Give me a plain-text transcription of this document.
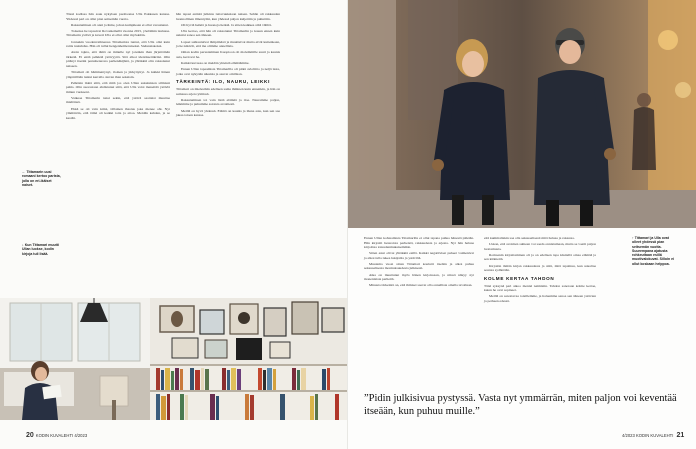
Tässä kodissa hän asuu nykyisen puolisonsa Ulla Pakkasen kanssa. Yhdessä pari on ollut pian seitsemän vuotta.

Rakastuminen oli onni ja ihme, johon kumpikaan ei ollut varautunut.

Toisensa he tapasivat Rovaniemellä vuonna 2015, yöelämän laulussa. Tittamarin ystävä ja kaveri Ulla ei ollut ollut myöskään.

Jonnekin vuodenvaihteessa Tittamarista tuntui, että Ulla olisi kuin raitis tuulahdus. Hän oli tullut hengenheimolaiseksi. Sielunsiskoksi.

Aloin tajuta, että tämä on minulle nyt jotenkin ihan järjettömän tärkeää. Ei enää pelkkää ystävyyttä. Sitä alkoi identiteettikriisi. Olin pitänyt itseäni perusheterona perhenäkijänä, ja yhtäkkiä olin rakastunut naiseen.

Tittamari oli hämmentynyt, iloinen ja järkyttynyt. Ja kaikki hänen ympärillään tuntui kerralla olevan ihan sekaisin.

Pelkäsin minä siitä, että mitä jos olen Ullan sukulaisten silmissä pahis. Olin suorastaan ahdistunut siitä, että Ulla voisi menettää ystäviä minun vuokseni.

Vaikeaa Tittamarin tunsi sekin, että ystävä saattaisi muuttaa mieltänsä.

Ehkä se oli vain kriisi, tällainen ihastus joka menee ohi. Nyt ymmärrän, että tämä oli kaikki totta ja aitoa. Meidän kahden, ja se kestää.

← Tittamarin uusi romaani kertoo parista, jolla on eri-ikäiset naiset.
↓ Kun Tittamari muutti Ullan luokse, kodin kirjoja tuli lisää.

hän tapasi entisiä julkisia tuttavuuksiaan naisen. Sehän oli rakkauden luonnollinen ilmentymä, kun yhdessä paljon kuljettiin ja puhuttiin.

Oli hyviä hetkiä ja huonoja hetkiä. Ja sitten kaikkea siltä väliltä.

Ulla kertoo, että hän oli rakastunut Tittamariin jo kauan ennen kuin uskalsi sanoa sen ääneen.

Lapset suhtautuivat lämpimästi ja muuttuivat mutta eivät kuitenkaan, ja he näkivät, että me olimme onnellisia.

Oman kodin perustaminen Kuopioon oli molemmille suuri ja kaunis asia, kertovat he.

Kaikki kuvassa on meidän yhteistä elämäämme.

Ennen Ullan tapaamista Tittamarilla oli pitkä avioliitto ja neljä lasta, jotka ovat nykyään aikuisia ja asuvat omillaan.

TÄRKEINTÄ: ILO, NAURU, LEIKKI

Tittamari on mielestään edelleen sama ihminen kuin ennenkin, ja hän on samassa arjen rytmissä.

Rakastuminen toi vain lisää elämää ja iloa. Nauramme paljon, leikimme ja puhumme asioista avoimesti.

Meillä on hyvä yhdessä. Elämä on kaunis ja ihana asia, kun sen saa jakaa toisen kanssa.

20 KODIN KUVALEHTI 4/2023

Ennen Ullan kohtaamista Tittamarilla ei ollut tapana puhua hänestä pitkään. Hän kirjoitti heteroista perheistä, rakkaudesta ja arjesta. Nyt hän haluaa kirjoittaa totuudenmukaisemmin.

Sitten asiat olivat yhtäkkiä esillä. Kaikki negatiiviset puheet vaimenivat ja alkoi tulla tukea lukijoilta ja ystäviltä.

Muutama vuosi sitten Tittamari koulutti itseään ja alkoi puhua seksuaalisesta moninaisuudesta julkisesti.

Aika on muuttunut myös hänen kirjoissaan, ja niissä näkyy nyt monenlaisia perheitä.

Minusta tärkeintä on, että ihmiset saavat olla onnellisia omalla tavallaan.

että kummallakin saa olla seksuaalisesti mitä haluaa ja rakastaa.

Uskon, että avoimen suhteen voi saada onnistumaan, mutta se vaatii paljon luottamusta.

Romaanin kirjoittaminen oli ja on edelleen tapa käsitellä omaa elämää ja sen käänteitä.

Kirjoitin tämän kirjan rakkaudesta ja siitä, mitä tapahtuu, kun uskaltaa seurata sydäntään.

KOLME KERTAA TAHDON

Tänä syksynä pari aikoo mennä naimisiin. Tahdon sanotaan kolme kertaa, kuten he ovat sopineet.

Meillä on sanottavaa toisillemme, ja haluamme sanoa sen ääneen ystävien ja perheen edessä.

↑ Tittamari ja Ulla ovat olleet yhdessä pian seitsemän vuotta. Suurempana ajatusta rohkeuttaan esillä muotivalokuvat. Silloin ei ollut koskaan helppoa.
4/2023 KODIN KUVALEHTI 21
”Pidin julkisivua pystyssä. Vasta nyt ymmärrän, miten paljon voi keventää itseään, kun puhuu muille.”
